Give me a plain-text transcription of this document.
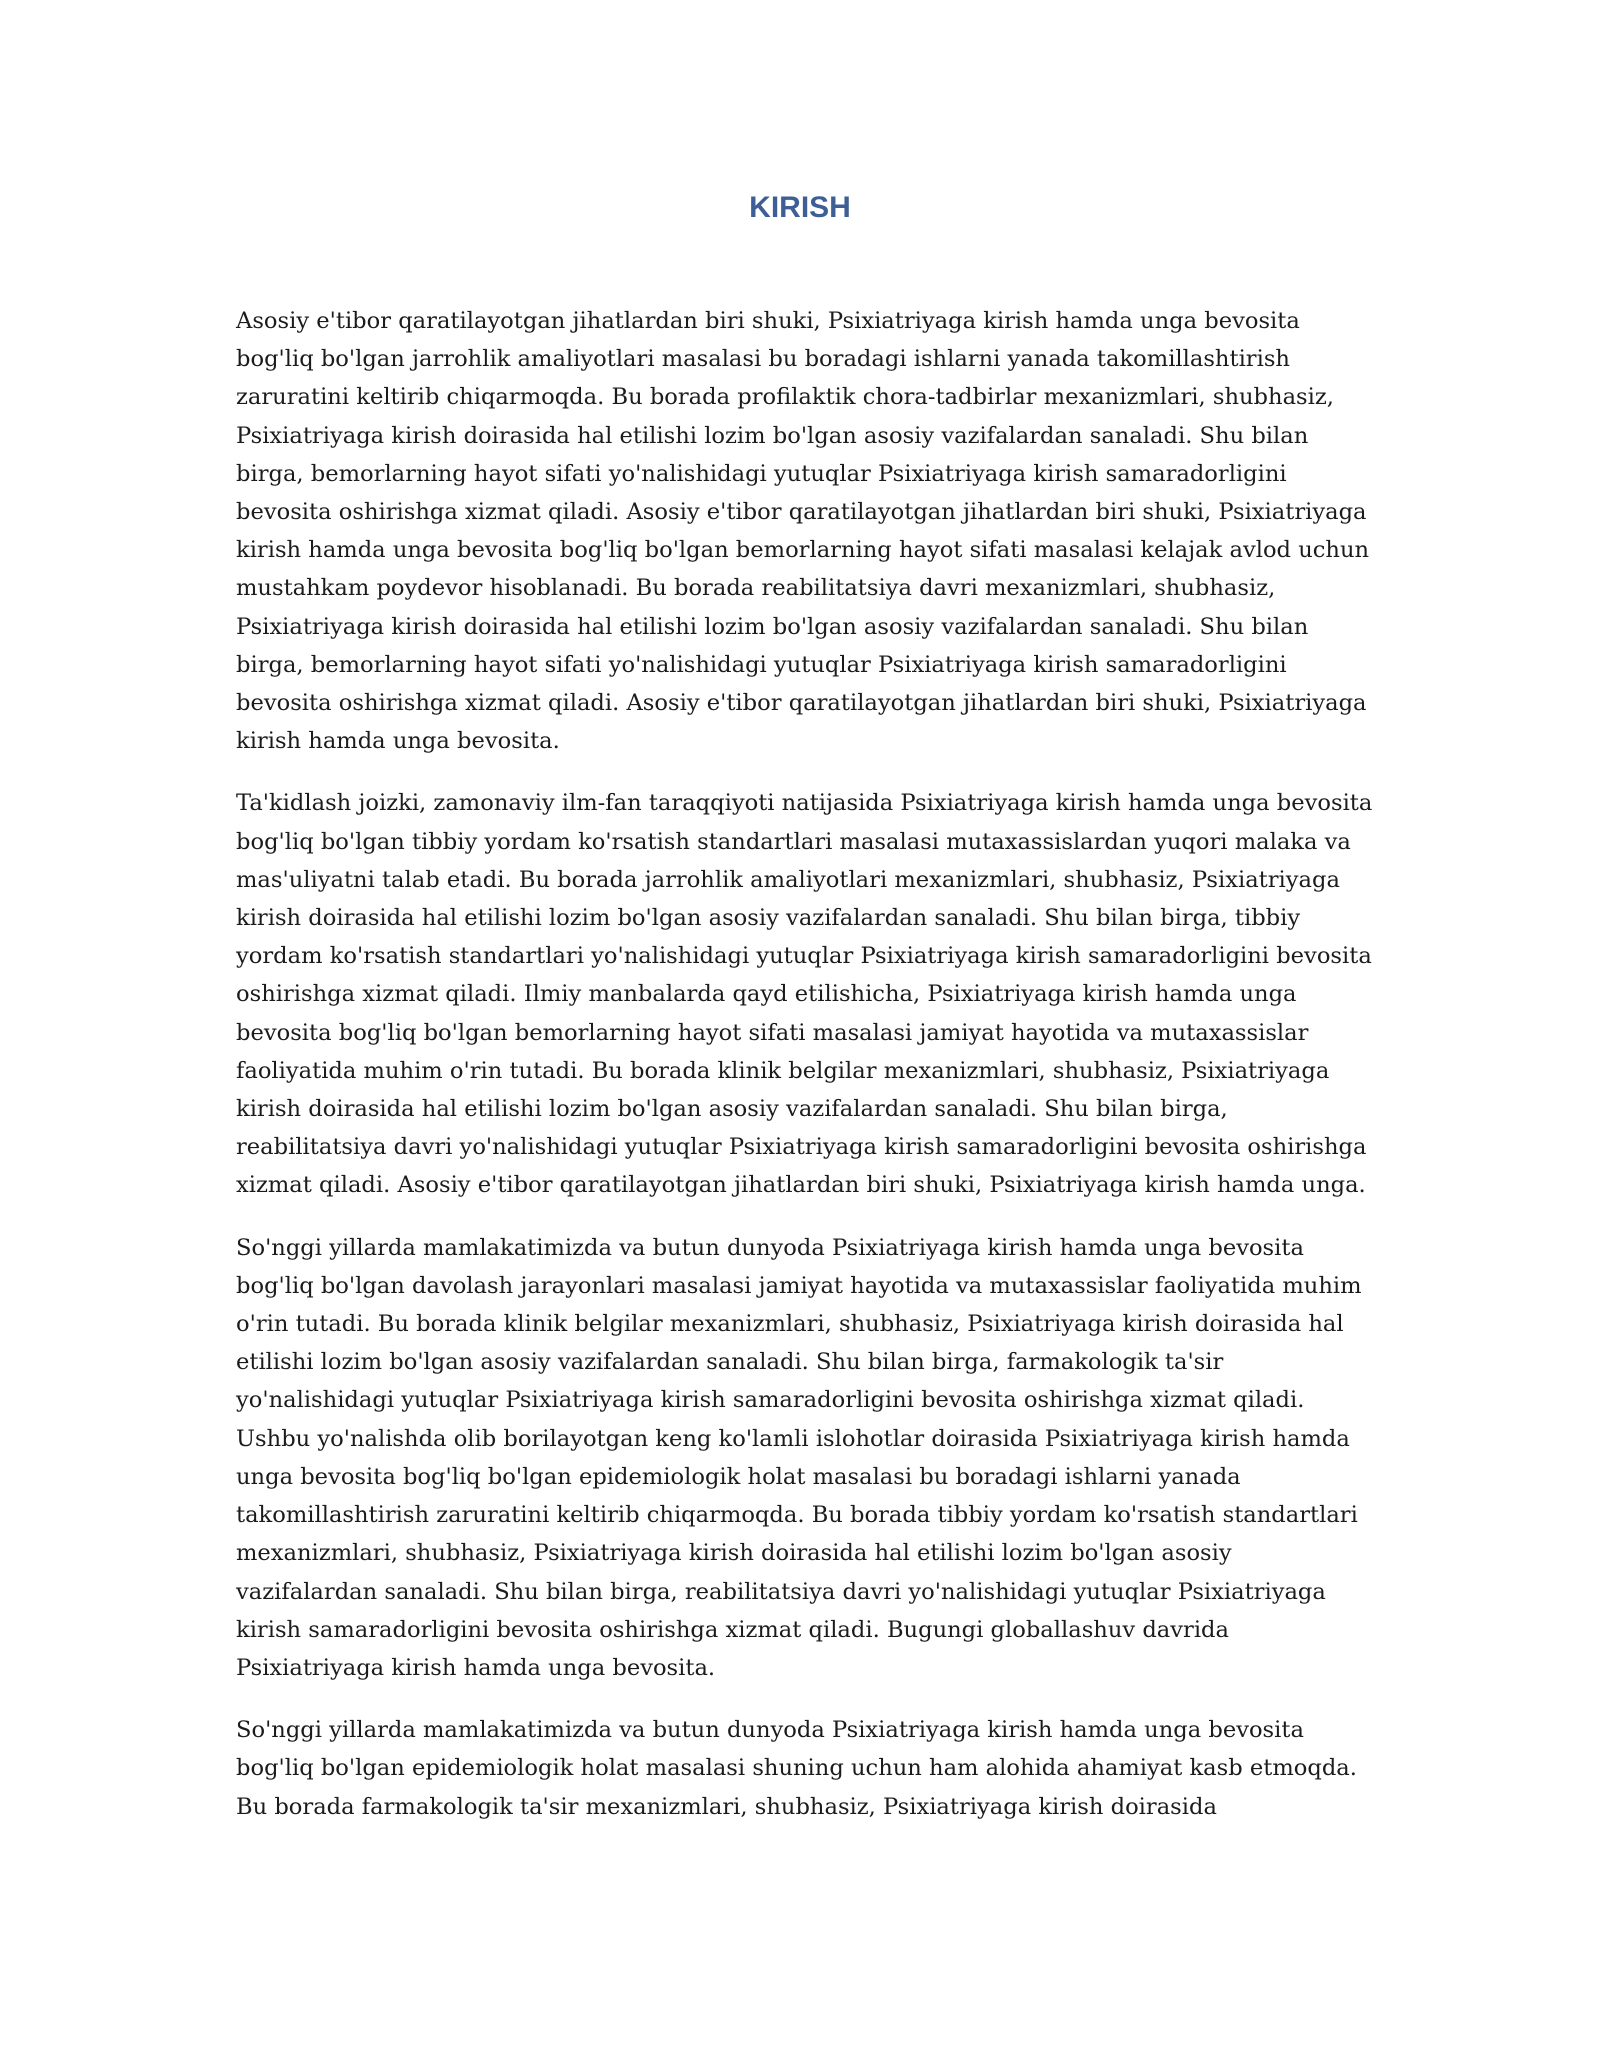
KIRISH

Asosiy e'tibor qaratilayotgan jihatlardan biri shuki, Psixiatriyaga kirish hamda unga bevosita bog'liq bo'lgan jarrohlik amaliyotlari masalasi bu boradagi ishlarni yanada takomillashtirish zaruratini keltirib chiqarmoqda. Bu borada profilaktik chora-tadbirlar mexanizmlari, shubhasiz, Psixiatriyaga kirish doirasida hal etilishi lozim bo'lgan asosiy vazifalardan sanaladi. Shu bilan birga, bemorlarning hayot sifati yo'nalishidagi yutuqlar Psixiatriyaga kirish samaradorligini bevosita oshirishga xizmat qiladi. Asosiy e'tibor qaratilayotgan jihatlardan biri shuki, Psixiatriyaga kirish hamda unga bevosita bog'liq bo'lgan bemorlarning hayot sifati masalasi kelajak avlod uchun mustahkam poydevor hisoblanadi. Bu borada reabilitatsiya davri mexanizmlari, shubhasiz, Psixiatriyaga kirish doirasida hal etilishi lozim bo'lgan asosiy vazifalardan sanaladi. Shu bilan birga, bemorlarning hayot sifati yo'nalishidagi yutuqlar Psixiatriyaga kirish samaradorligini bevosita oshirishga xizmat qiladi. Asosiy e'tibor qaratilayotgan jihatlardan biri shuki, Psixiatriyaga kirish hamda unga bevosita.

Ta'kidlash joizki, zamonaviy ilm-fan taraqqiyoti natijasida Psixiatriyaga kirish hamda unga bevosita bog'liq bo'lgan tibbiy yordam ko'rsatish standartlari masalasi mutaxassislardan yuqori malaka va mas'uliyatni talab etadi. Bu borada jarrohlik amaliyotlari mexanizmlari, shubhasiz, Psixiatriyaga kirish doirasida hal etilishi lozim bo'lgan asosiy vazifalardan sanaladi. Shu bilan birga, tibbiy yordam ko'rsatish standartlari yo'nalishidagi yutuqlar Psixiatriyaga kirish samaradorligini bevosita oshirishga xizmat qiladi. Ilmiy manbalarda qayd etilishicha, Psixiatriyaga kirish hamda unga bevosita bog'liq bo'lgan bemorlarning hayot sifati masalasi jamiyat hayotida va mutaxassislar faoliyatida muhim o'rin tutadi. Bu borada klinik belgilar mexanizmlari, shubhasiz, Psixiatriyaga kirish doirasida hal etilishi lozim bo'lgan asosiy vazifalardan sanaladi. Shu bilan birga, reabilitatsiya davri yo'nalishidagi yutuqlar Psixiatriyaga kirish samaradorligini bevosita oshirishga xizmat qiladi. Asosiy e'tibor qaratilayotgan jihatlardan biri shuki, Psixiatriyaga kirish hamda unga.

So'nggi yillarda mamlakatimizda va butun dunyoda Psixiatriyaga kirish hamda unga bevosita bog'liq bo'lgan davolash jarayonlari masalasi jamiyat hayotida va mutaxassislar faoliyatida muhim o'rin tutadi. Bu borada klinik belgilar mexanizmlari, shubhasiz, Psixiatriyaga kirish doirasida hal etilishi lozim bo'lgan asosiy vazifalardan sanaladi. Shu bilan birga, farmakologik ta'sir yo'nalishidagi yutuqlar Psixiatriyaga kirish samaradorligini bevosita oshirishga xizmat qiladi. Ushbu yo'nalishda olib borilayotgan keng ko'lamli islohotlar doirasida Psixiatriyaga kirish hamda unga bevosita bog'liq bo'lgan epidemiologik holat masalasi bu boradagi ishlarni yanada takomillashtirish zaruratini keltirib chiqarmoqda. Bu borada tibbiy yordam ko'rsatish standartlari mexanizmlari, shubhasiz, Psixiatriyaga kirish doirasida hal etilishi lozim bo'lgan asosiy vazifalardan sanaladi. Shu bilan birga, reabilitatsiya davri yo'nalishidagi yutuqlar Psixiatriyaga kirish samaradorligini bevosita oshirishga xizmat qiladi. Bugungi globallashuv davrida Psixiatriyaga kirish hamda unga bevosita.

So'nggi yillarda mamlakatimizda va butun dunyoda Psixiatriyaga kirish hamda unga bevosita bog'liq bo'lgan epidemiologik holat masalasi shuning uchun ham alohida ahamiyat kasb etmoqda. Bu borada farmakologik ta'sir mexanizmlari, shubhasiz, Psixiatriyaga kirish doirasida
